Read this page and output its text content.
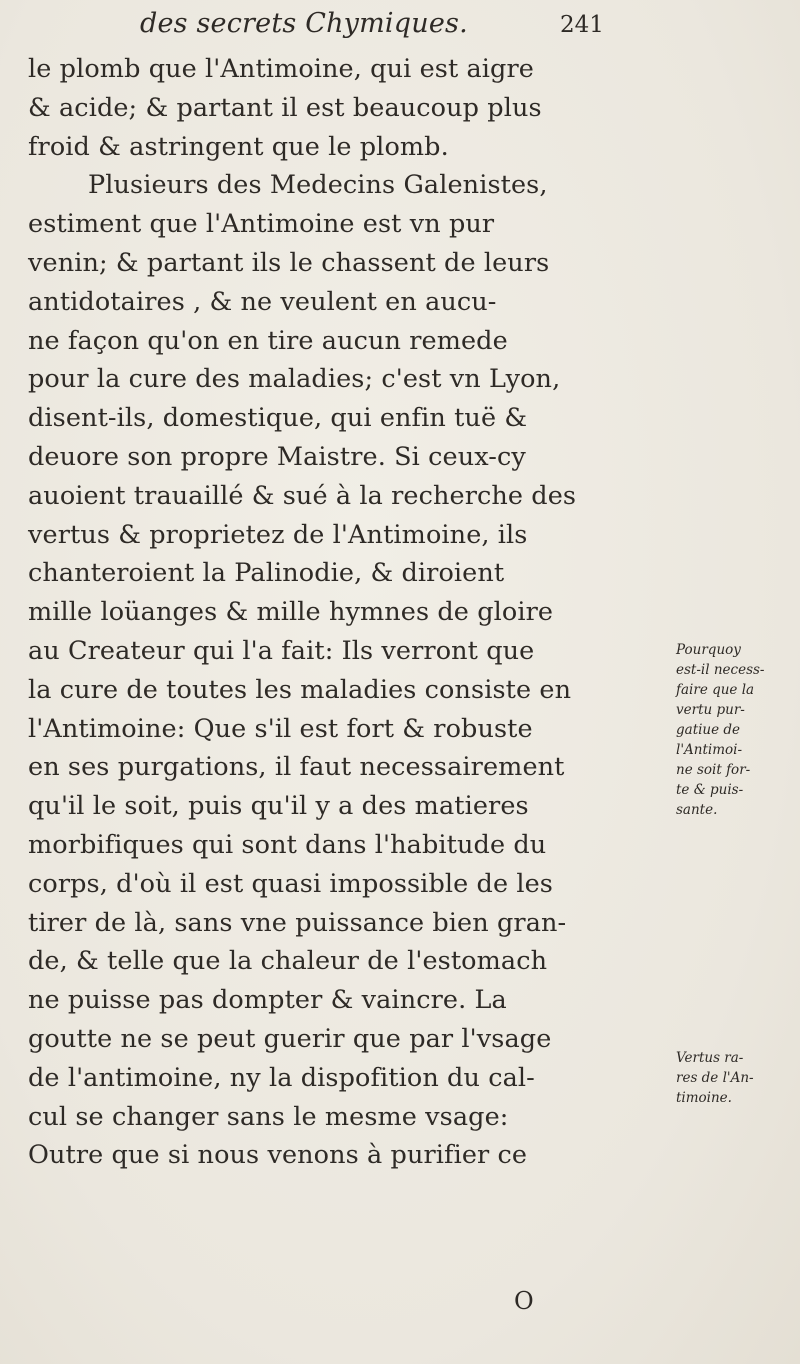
des secrets Chymiques.	241
le plomb que l'Antimoine, qui est aigre
& acide; & partant il est beaucoup plus
froid & astringent que le plomb.
Plusieurs des Medecins Galenistes,
estiment que l'Antimoine est vn pur
venin; & partant ils le chassent de leurs
antidotaires , & ne veulent en aucu-
ne façon qu'on en tire aucun remede
pour la cure des maladies; c'est vn Lyon,
disent-ils, domestique, qui enfin tuë &
deuore son propre Maistre. Si ceux-cy
auoient trauaillé & sué à la recherche des
vertus & proprietez de l'Antimoine, ils
chanteroient la Palinodie, & diroient
mille loüanges & mille hymnes de gloire
au Createur qui l'a fait: Ils verront que
la cure de toutes les maladies consiste en
l'Antimoine: Que s'il est fort & robuste
en ses purgations, il faut necessairement
qu'il le soit, puis qu'il y a des matieres
morbifiques qui sont dans l'habitude du
corps, d'où il est quasi impossible de les
tirer de là, sans vne puissance bien gran-
de, & telle que la chaleur de l'estomach
ne puisse pas dompter & vaincre. La
goutte ne se peut guerir que par l'vsage
de l'antimoine, ny la dispofition du cal-
cul se changer sans le mesme vsage:
Outre que si nous venons à purifier ce
Pourquoy
est-il necess-
faire que la
vertu pur-
gatiue de
l'Antimoi-
ne soit for-
te & puis-
sante.
Vertus ra-
res de l'An-
timoine.
O
